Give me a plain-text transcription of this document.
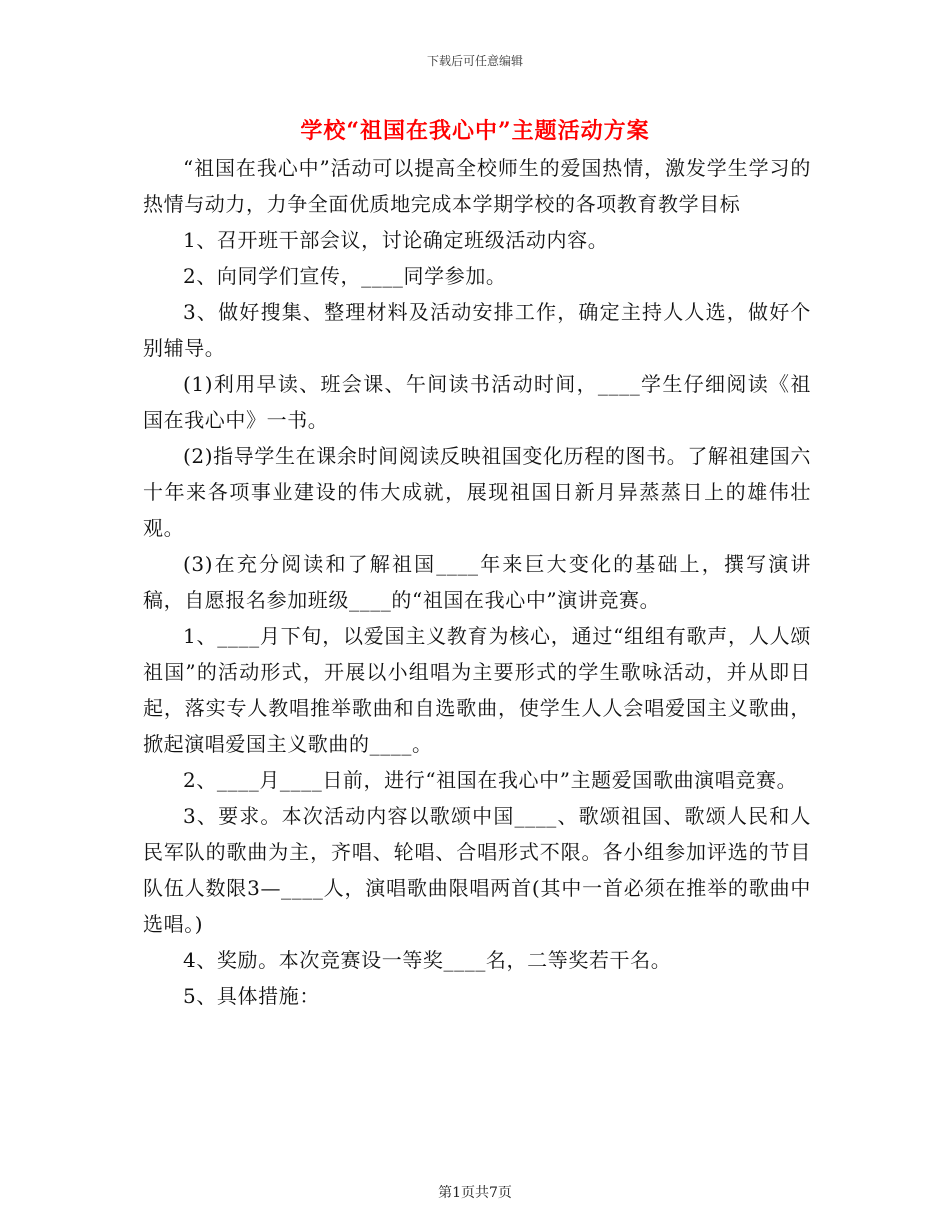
下载后可任意编辑
学校“祖国在我心中”主题活动方案

“祖国在我心中”活动可以提高全校师生的爱国热情，激发学生学习的热情与动力，力争全面优质地完成本学期学校的各项教育教学目标

1、召开班干部会议，讨论确定班级活动内容。

2、向同学们宣传，____同学参加。

3、做好搜集、整理材料及活动安排工作，确定主持人人选，做好个别辅导。

(1)利用早读、班会课、午间读书活动时间，____学生仔细阅读《祖国在我心中》一书。

(2)指导学生在课余时间阅读反映祖国变化历程的图书。了解祖建国六十年来各项事业建设的伟大成就，展现祖国日新月异蒸蒸日上的雄伟壮观。

(3)在充分阅读和了解祖国____年来巨大变化的基础上，撰写演讲稿，自愿报名参加班级____的“祖国在我心中”演讲竞赛。

1、____月下旬，以爱国主义教育为核心，通过“组组有歌声，人人颂祖国”的活动形式，开展以小组唱为主要形式的学生歌咏活动，并从即日起，落实专人教唱推举歌曲和自选歌曲，使学生人人会唱爱国主义歌曲，掀起演唱爱国主义歌曲的____。

2、____月____日前，进行“祖国在我心中”主题爱国歌曲演唱竞赛。

3、要求。本次活动内容以歌颂中国____、歌颂祖国、歌颂人民和人民军队的歌曲为主，齐唱、轮唱、合唱形式不限。各小组参加评选的节目队伍人数限3—____人，演唱歌曲限唱两首(其中一首必须在推举的歌曲中选唱。)

4、奖励。本次竞赛设一等奖____名，二等奖若干名。

5、具体措施：

第1页共7页
